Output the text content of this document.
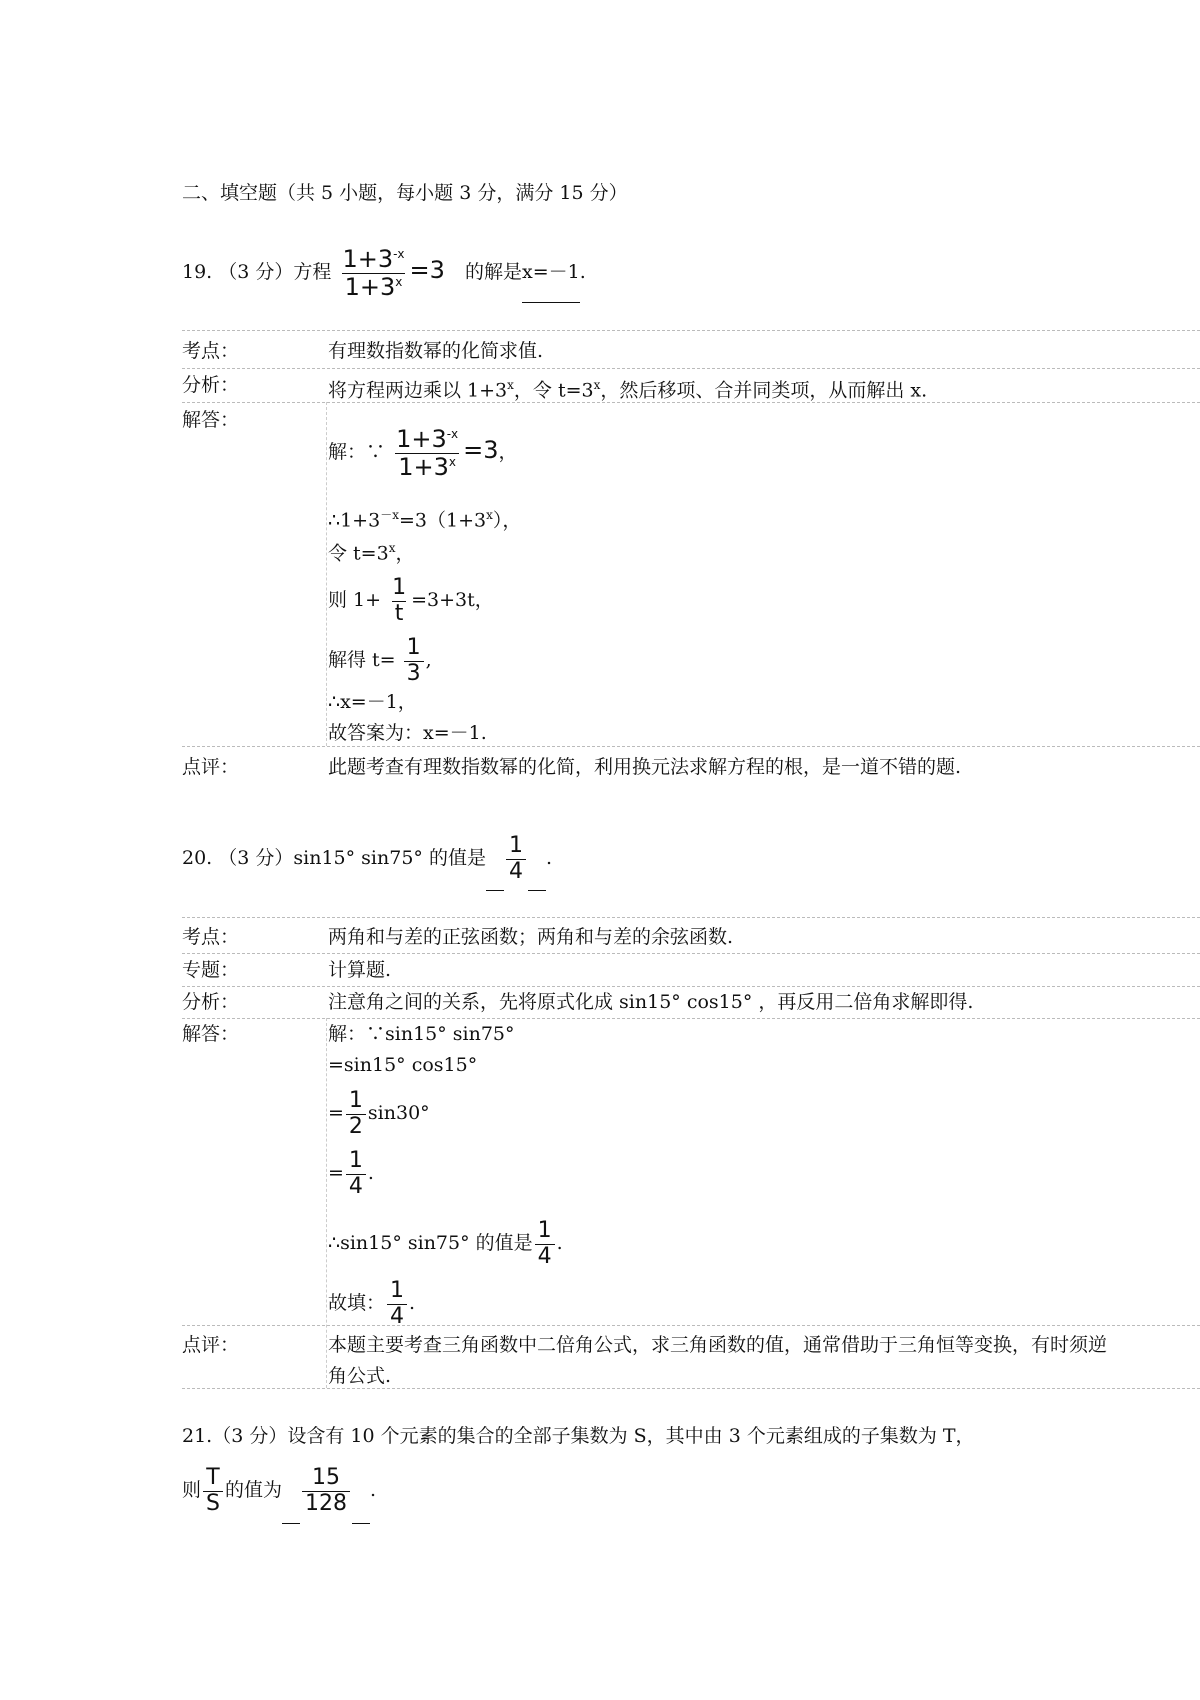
二、填空题（共 5 小题，每小题 3 分，满分 15 分）
19. （3 分）方程 $\frac{1+3^{-x}}{1+3^x} =3$ 的解是x=－1.
考点：	有理数指数幂的化简求值.
分析：	将方程两边乘以 $1+3^x$，令 $t=3^x$，然后移项、合并同类项，从而解出 x.
解答：
解：∵ $\frac{1+3^{-x}}{1+3^x} =3$，
$\therefore 1+3^{-x}=3(1+3^x)$，
令 $t=3^x$，
则 $1+ \frac{1}{t} =3+3t$，
解得 $t= \frac{1}{3}$ ,
∴x=－1，
故答案为：x=－1.
点评：	此题考查有理数指数幂的化简，利用换元法求解方程的根，是一道不错的题.
20. （3 分）sin15° sin75° 的值是 $\frac{1}{4}$ .
考点：	两角和与差的正弦函数；两角和与差的余弦函数.
专题：	计算题.
分析：	注意角之间的关系，先将原式化成 sin15° cos15° ，再反用二倍角求解即得.
解答：	解：∵sin15° sin75°
=sin15° cos15°
= $\frac{1}{2} \sin 30^\circ$
= $\frac{1}{4}$ .
∴sin15° sin75° 的值是 $\frac{1}{4}$ .
故填： $\frac{1}{4}$ .
点评：	本题主要考查三角函数中二倍角公式，求三角函数的值，通常借助于三角恒等变换，有时须逆
角公式.
21.（3 分）设含有 10 个元素的集合的全部子集数为 S，其中由 3 个元素组成的子集数为 T，
则 $\frac{T}{S}$ 的值为 $\frac{15}{128}$ .
